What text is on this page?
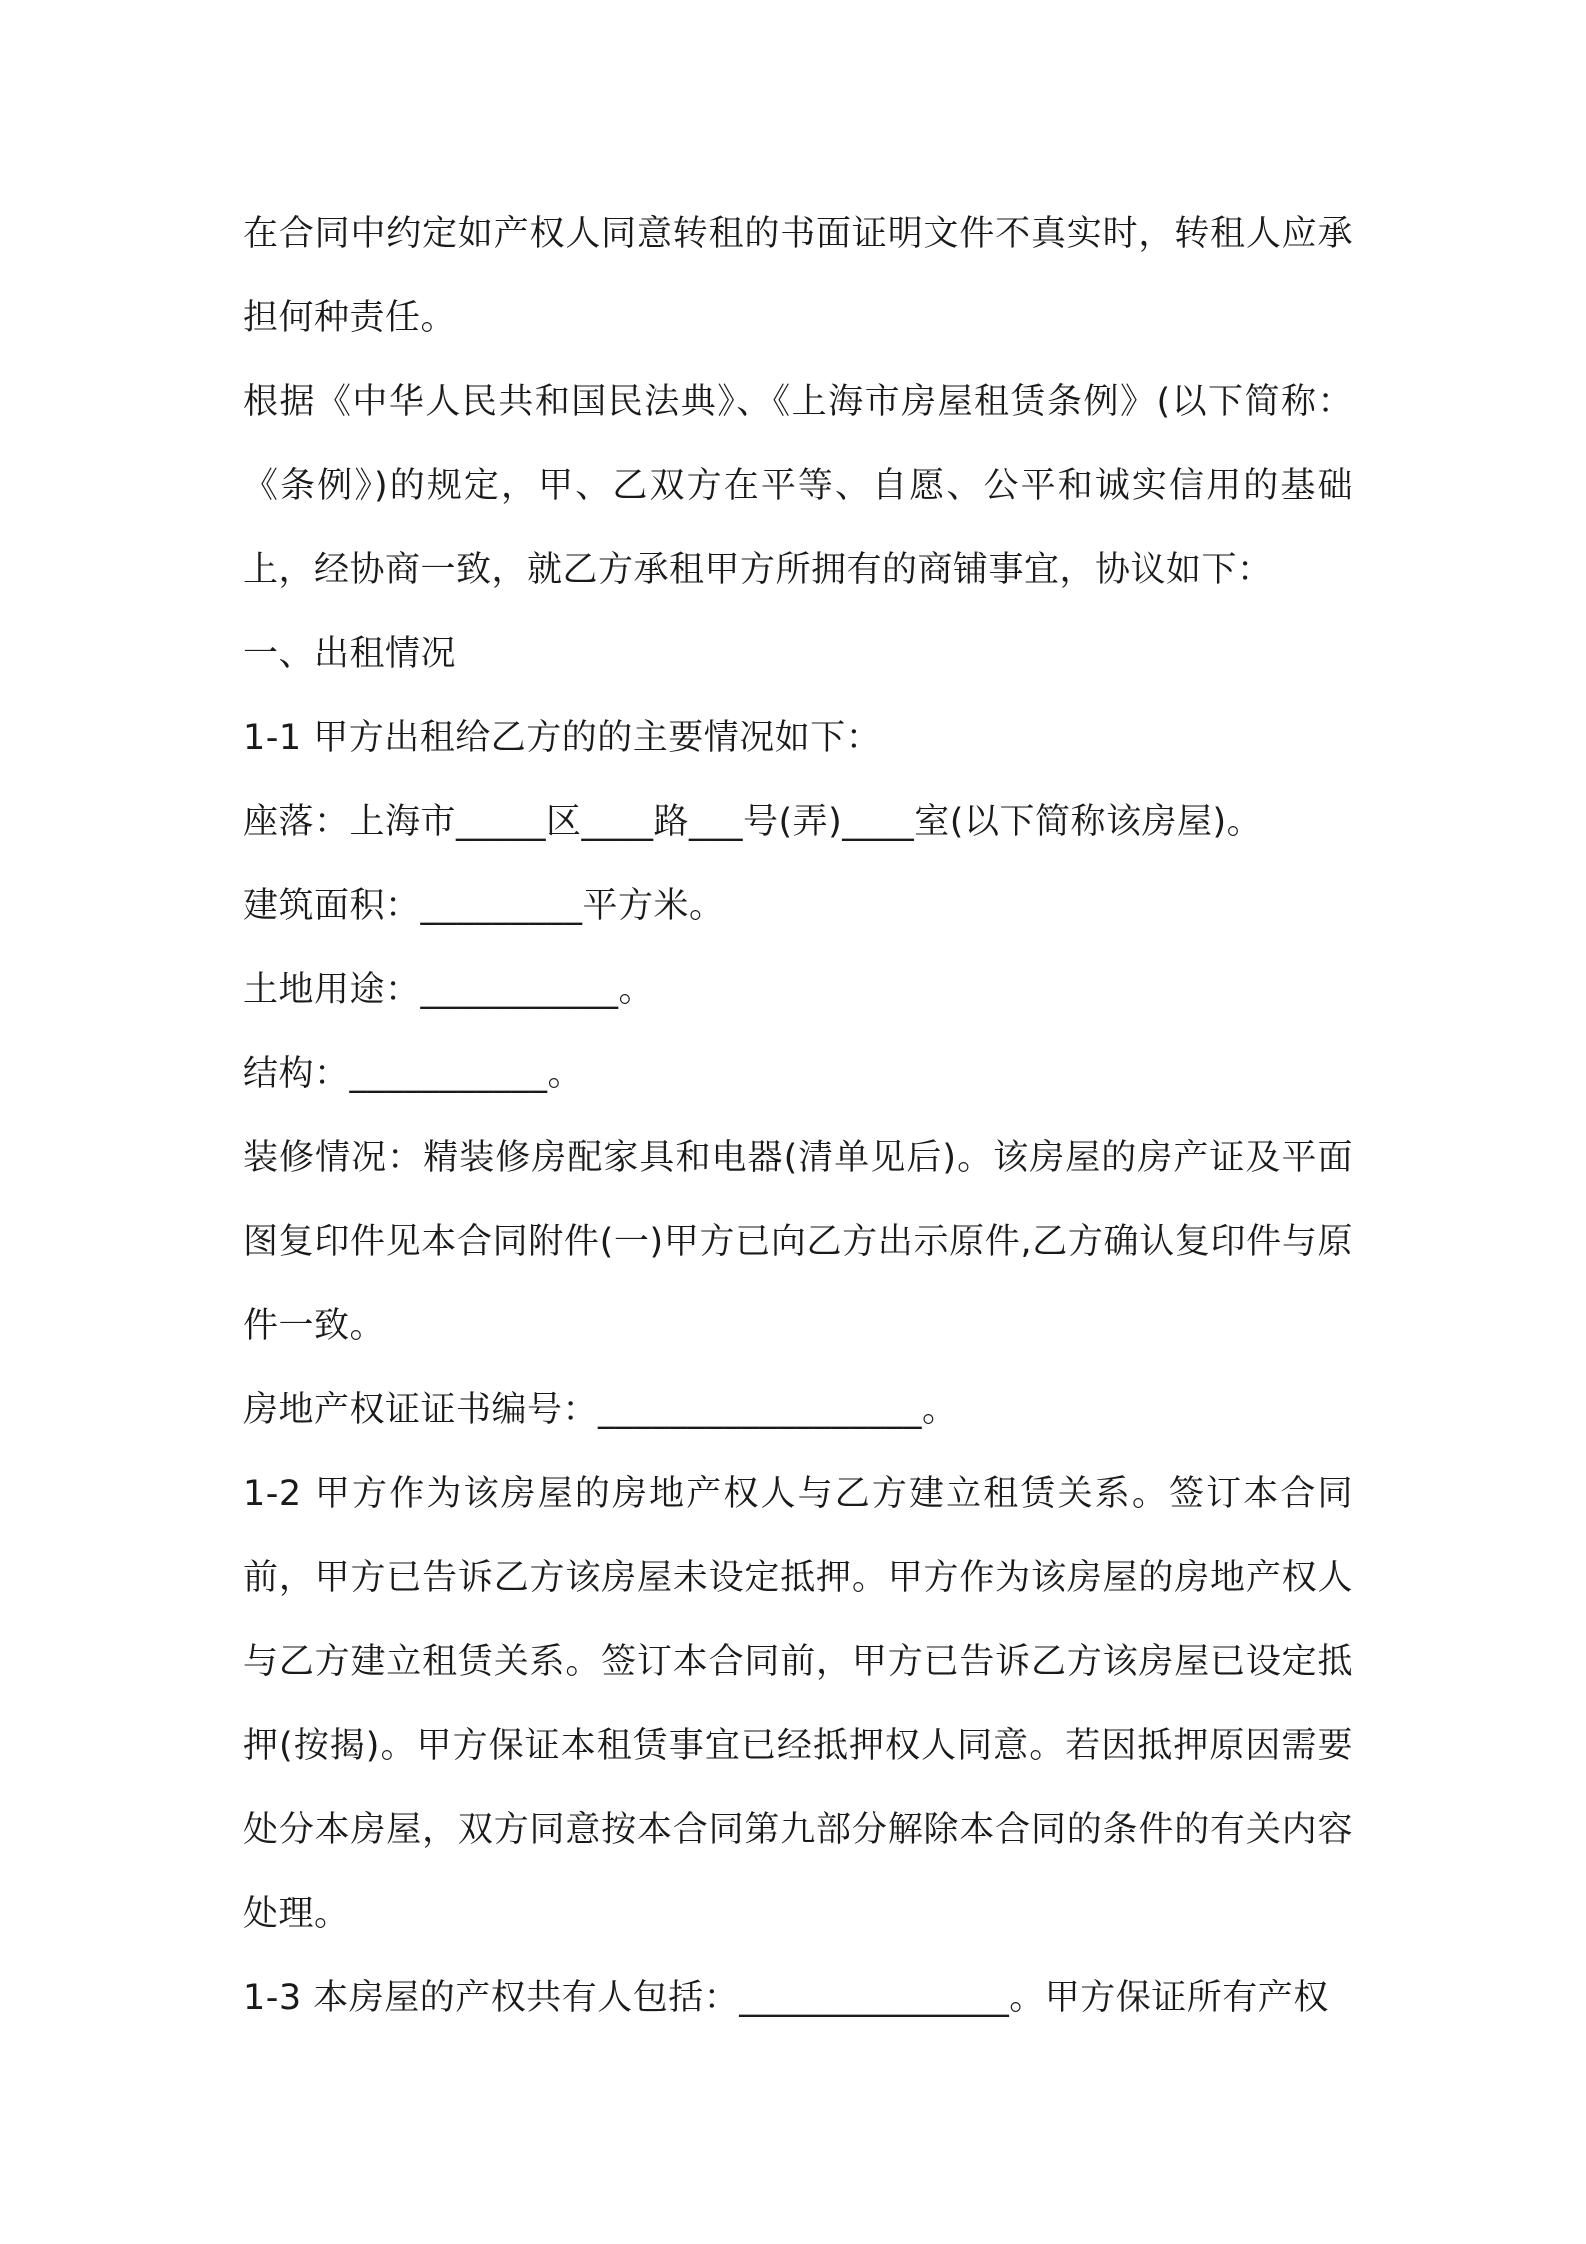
在合同中约定如产权人同意转租的书面证明文件不真实时，转租人应承担何种责任。

根据《中华人民共和国民法典》、《上海市房屋租赁条例》(以下简称：《条例》)的规定，甲、乙双方在平等、自愿、公平和诚实信用的基础上，经协商一致，就乙方承租甲方所拥有的商铺事宜，协议如下：

一、出租情况

1-1 甲方出租给乙方的的主要情况如下：

座落：上海市_____区____路___号(弄)____室(以下简称该房屋)。

建筑面积：_________平方米。

土地用途：___________。

结构：___________。

装修情况：精装修房配家具和电器(清单见后)。该房屋的房产证及平面图复印件见本合同附件(一)甲方已向乙方出示原件,乙方确认复印件与原件一致。

房地产权证证书编号：__________________。

1-2 甲方作为该房屋的房地产权人与乙方建立租赁关系。签订本合同前，甲方已告诉乙方该房屋未设定抵押。甲方作为该房屋的房地产权人与乙方建立租赁关系。签订本合同前，甲方已告诉乙方该房屋已设定抵押(按揭)。甲方保证本租赁事宜已经抵押权人同意。若因抵押原因需要处分本房屋，双方同意按本合同第九部分解除本合同的条件的有关内容处理。

1-3 本房屋的产权共有人包括：_______________。甲方保证所有产权
